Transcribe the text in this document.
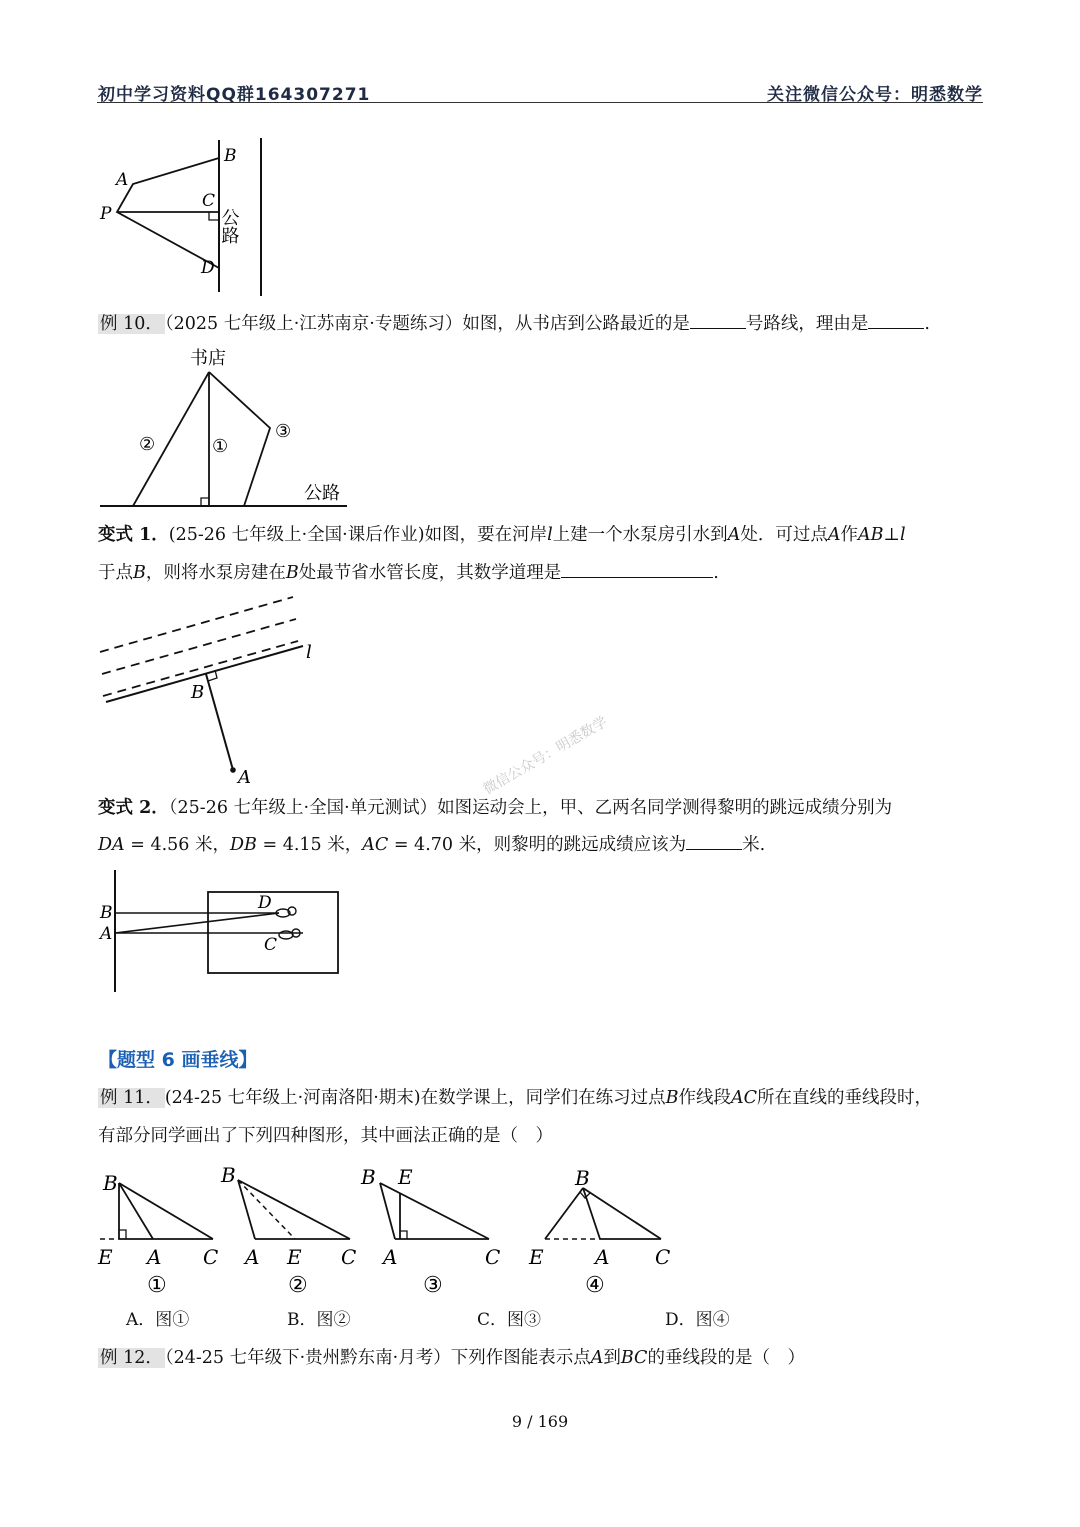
初中学习资料QQ群164307271	关注微信公众号：明悉数学
B
A
C
P
D
公路
例 10． （2025 七年级上·江苏南京·专题练习）如图，从书店到公路最近的是	号路线，理由是	.
书店
②	①
③
公路
变式 1．(25-26 七年级上·全国·课后作业)如图，要在河岸l上建一个水泵房引水到A处．可过点A作AB⊥l
于点B，则将水泵房建在B处最节省水管长度，其数学道理是	.
l
B
A	微信公众号：明悉数学
变式 2．（25-26 七年级上·全国·单元测试）如图运动会上，甲、乙两名同学测得黎明的跳远成绩分别为
DA = 4.56 米，DB = 4.15 米，AC = 4.70 米，则黎明的跳远成绩应该为	米.
B
A
D
C
【题型 6 画垂线】
例 11． (24-25 七年级上·河南洛阳·期末)在数学课上，同学们在练习过点B作线段AC所在直线的垂线段时，
有部分同学画出了下列四种图形，其中画法正确的是（　）
B
E A C
①
B
A E C
②
B E
A	C
③
B
E	A C
④
A．图①	B．图②	C．图③	D．图④
例 12． （24-25 七年级下·贵州黔东南·月考）下列作图能表示点A到BC的垂线段的是（　）
9 / 169
